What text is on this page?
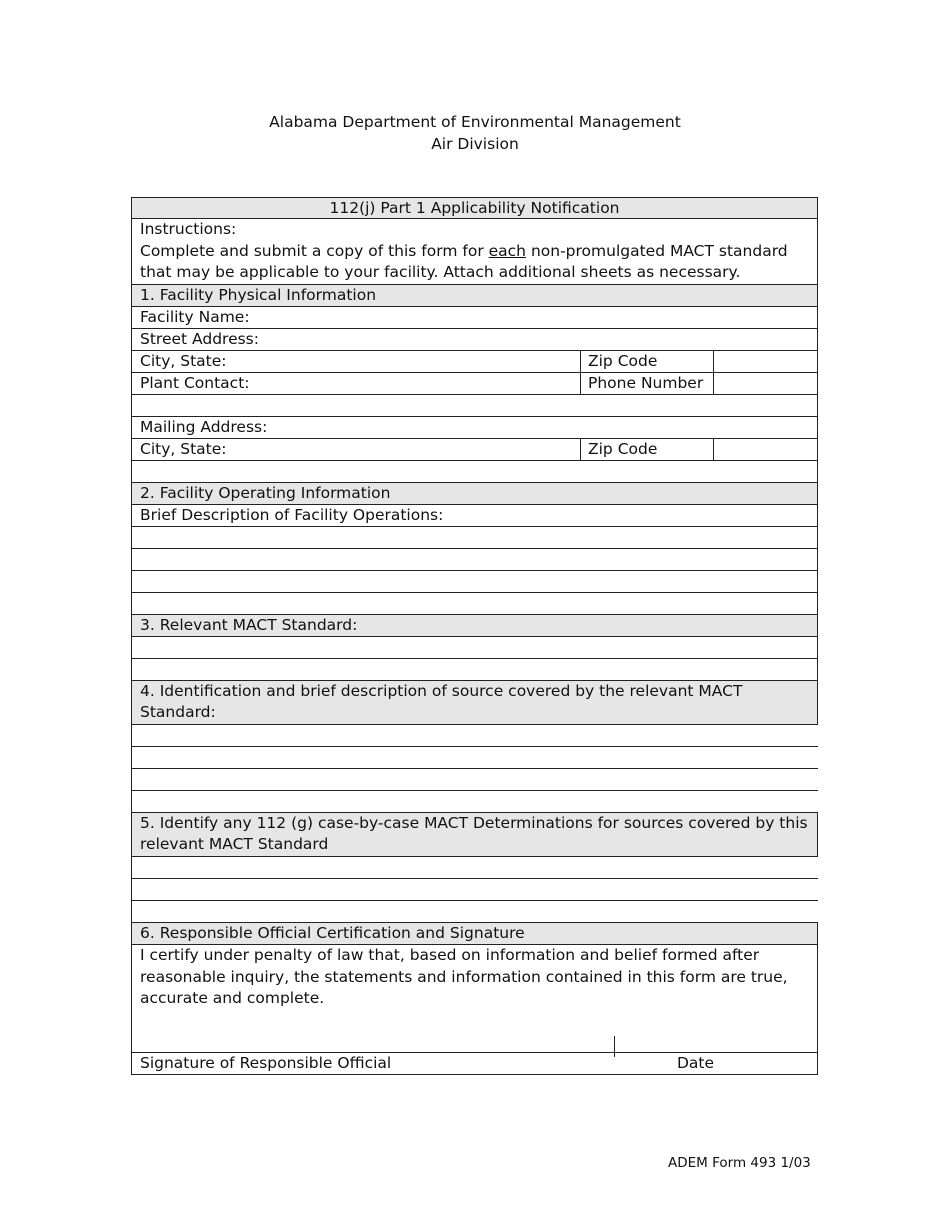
Alabama Department of Environmental Management
Air Division
112(j) Part 1 Applicability Notification
Instructions:
Complete and submit a copy of this form for each non-promulgated MACT standard that may be applicable to your facility. Attach additional sheets as necessary.
1. Facility Physical Information
Facility Name:
Street Address:
City, State:	Zip Code
Plant Contact:	Phone Number
Mailing Address:
City, State:	Zip Code
2. Facility Operating Information
Brief Description of Facility Operations:
3. Relevant MACT Standard:
4. Identification and brief description of source covered by the relevant MACT Standard:
5. Identify any 112 (g) case-by-case MACT Determinations for sources covered by this relevant MACT Standard
6. Responsible Official Certification and Signature
I certify under penalty of law that, based on information and belief formed after reasonable inquiry, the statements and information contained in this form are true, accurate and complete.
Signature of Responsible Official	Date
ADEM Form 493 1/03
